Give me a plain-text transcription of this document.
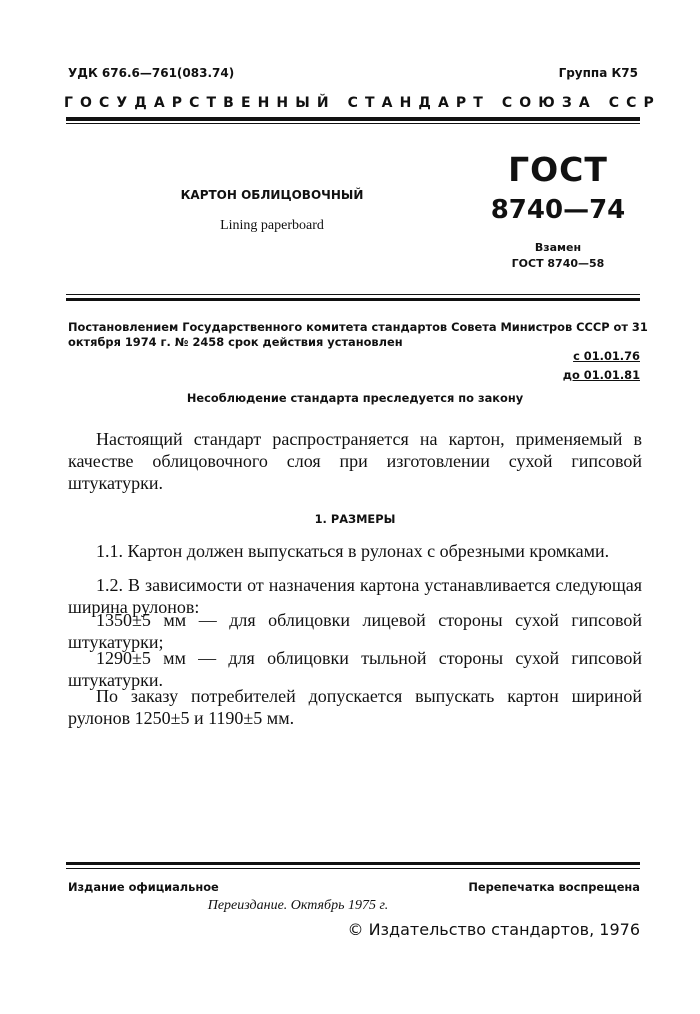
УДК 676.6—761(083.74)	Группа К75
ГОСУДАРСТВЕННЫЙ СТАНДАРТ СОЮЗА ССР
КАРТОН ОБЛИЦОВОЧНЫЙ
Lining paperboard
ГОСТ
8740—74
Взамен
ГОСТ 8740—58
Постановлением Государственного комитета стандартов Совета Министров СССР от 31 октября 1974 г. № 2458 срок действия установлен
с 01.01.76
до 01.01.81
Несоблюдение стандарта преследуется по закону
Настоящий стандарт распространяется на картон, применяемый в качестве облицовочного слоя при изготовлении сухой гипсовой штукатурки.
1. РАЗМЕРЫ
1.1. Картон должен выпускаться в рулонах с обрезными кромками.
1.2. В зависимости от назначения картона устанавливается следующая ширина рулонов:
1350±5 мм — для облицовки лицевой стороны сухой гипсовой штукатурки;
1290±5 мм — для облицовки тыльной стороны сухой гипсовой штукатурки.
По заказу потребителей допускается выпускать картон шириной рулонов 1250±5 и 1190±5 мм.
Издание официальное	Перепечатка воспрещена
Переиздание. Октябрь 1975 г.
© Издательство стандартов, 1976
